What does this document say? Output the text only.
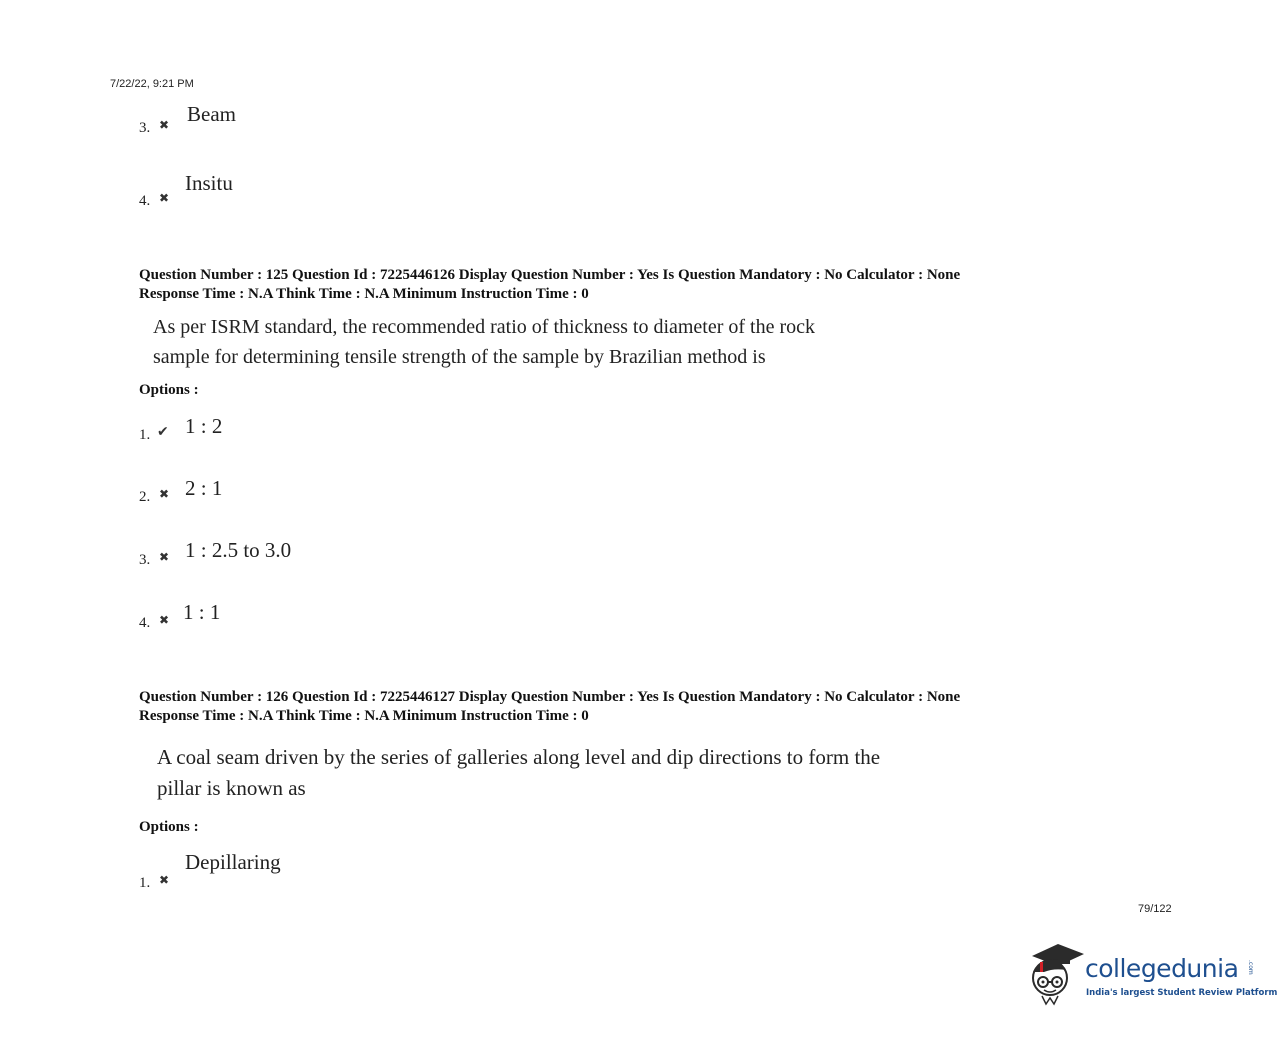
7/22/22, 9:21 PM
3. ✖ Beam
4. ✖
Insitu
Question Number : 125 Question Id : 7225446126 Display Question Number : Yes Is Question Mandatory : No Calculator : None
Response Time : N.A Think Time : N.A Minimum Instruction Time : 0
As per ISRM standard, the recommended ratio of thickness to diameter of the rock
sample for determining tensile strength of the sample by Brazilian method is
Options :
1. ✔ 1 : 2
2. ✖ 2 : 1
3. ✖ 1 : 2.5 to 3.0
4. ✖ 1 : 1
Question Number : 126 Question Id : 7225446127 Display Question Number : Yes Is Question Mandatory : No Calculator : None
Response Time : N.A Think Time : N.A Minimum Instruction Time : 0
A coal seam driven by the series of galleries along level and dip directions to form the
pillar is known as
Options :
1. ✖
Depillaring
79/122
collegedunia .com
India's largest Student Review Platform
